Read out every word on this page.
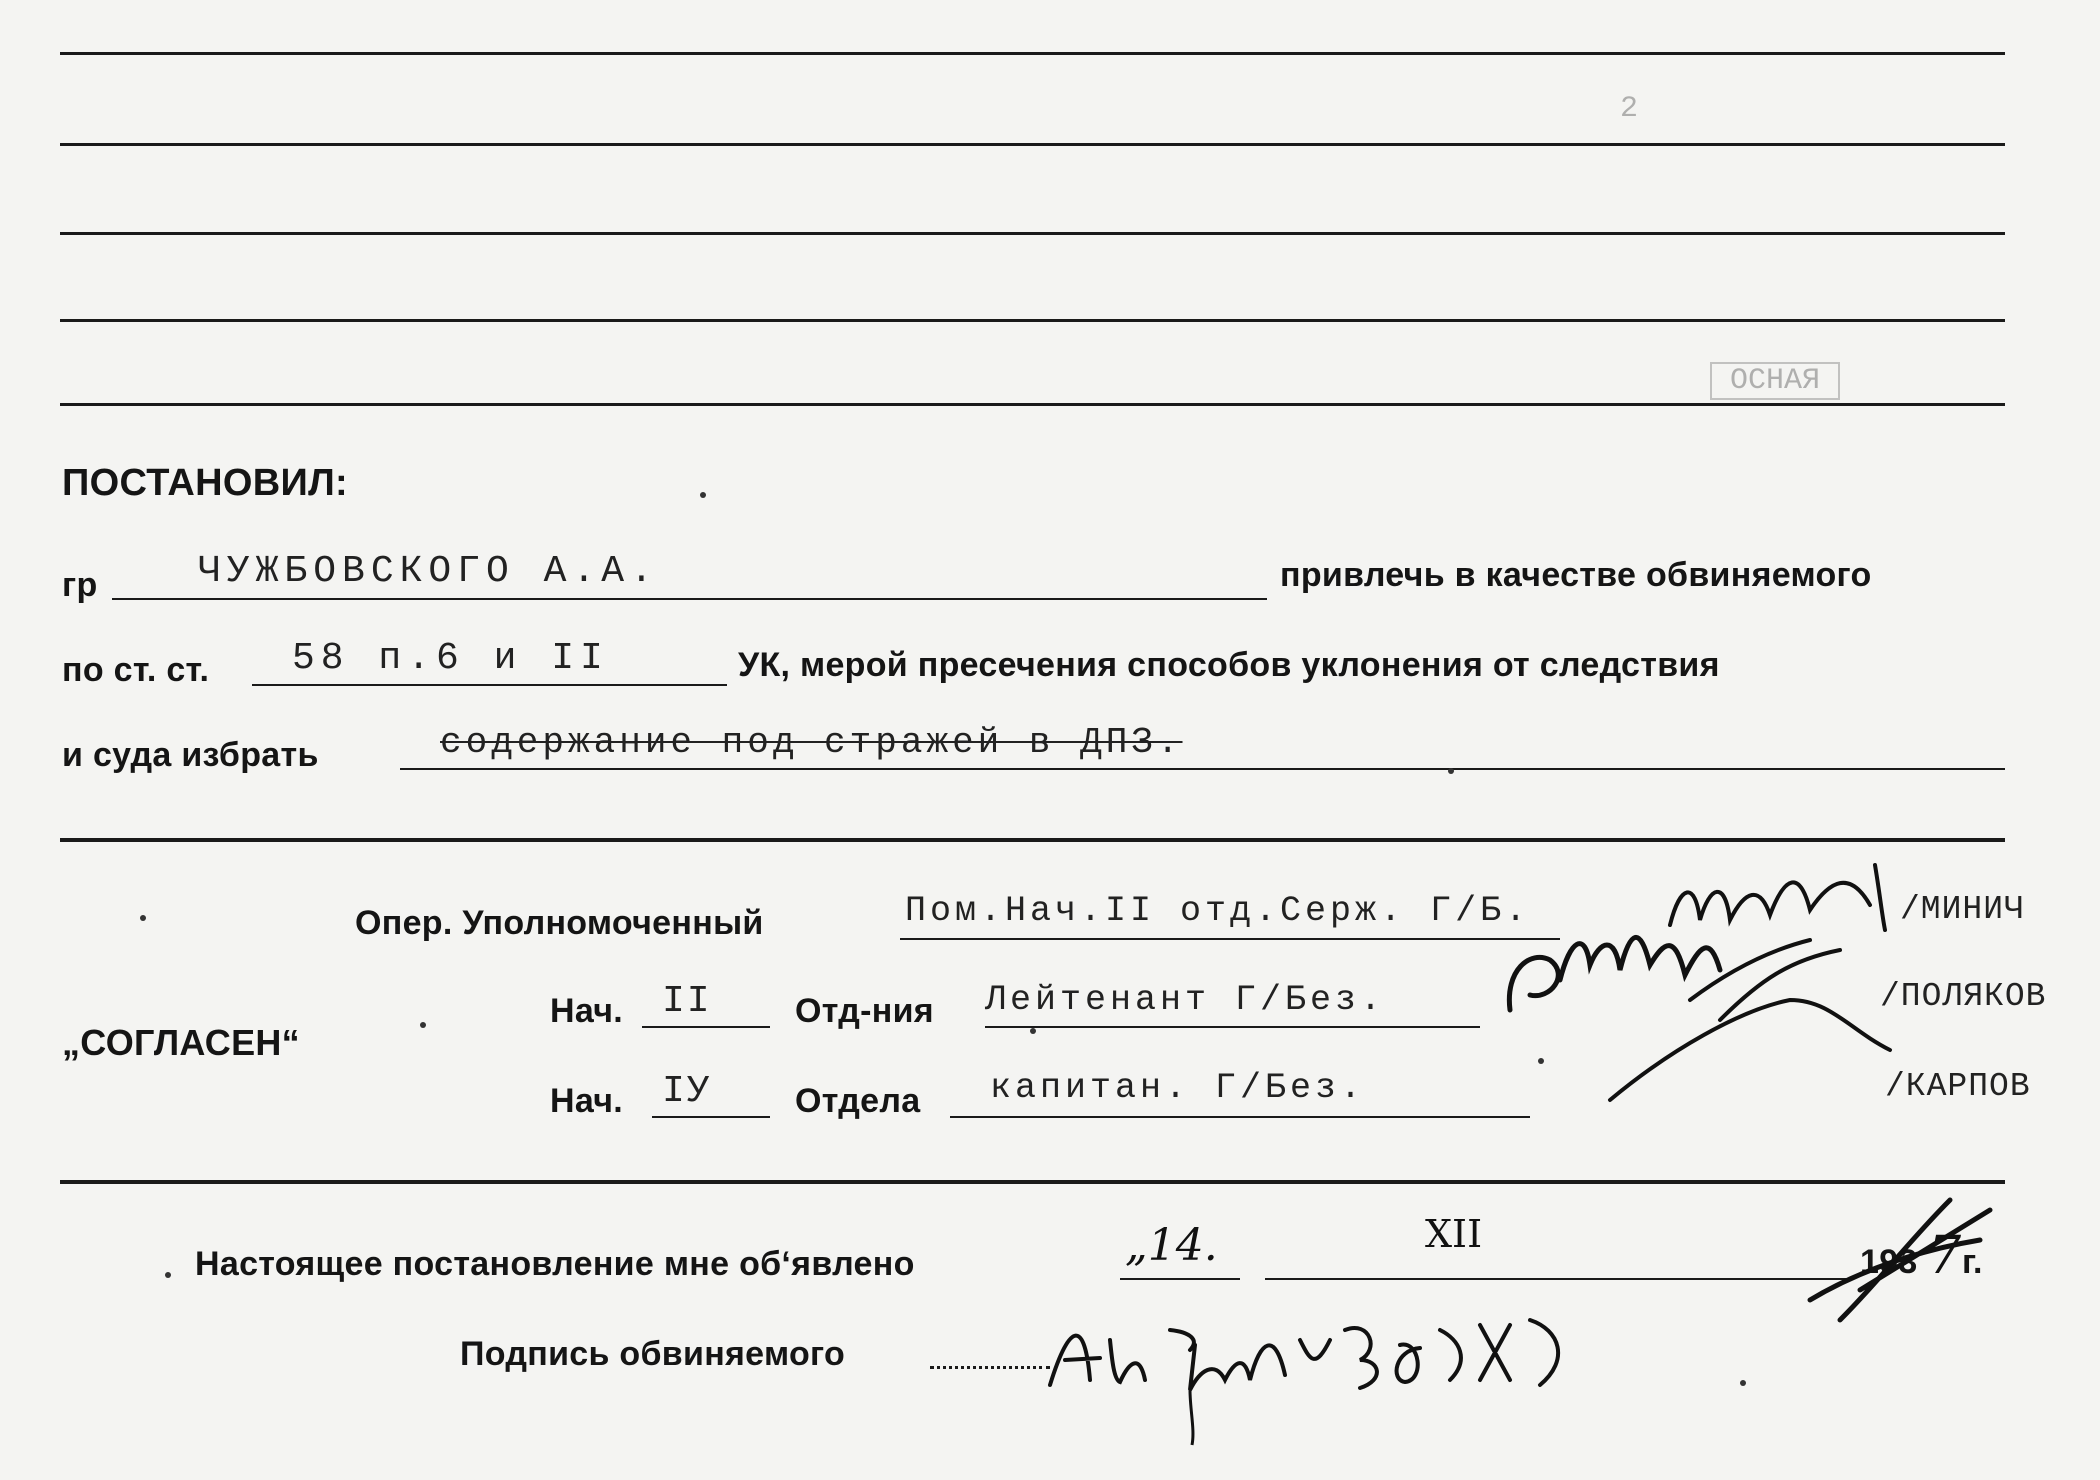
2
ОСНАЯ
ПОСТАНОВИЛ:
гр	ЧУЖБОВСКОГО А.А.	привлечь в качестве обвиняемого
по ст. ст. 58 п.6 и II	УК, мерой пресечения способов уклонения от следствия
и суда избрать	содержание под стражей в ДПЗ.
Опер. Уполномоченный	Пом.Нач.II отд.Серж. Г/Б.	/МИНИЧ
„СОГЛАСЕН“
Нач. II Отд-ния Лейтенант Г/Без.	/ПОЛЯКОВ
Нач. IУ Отдела капитан. Г/Без.	/КАРПОВ
Настоящее постановление мне об‘явлено	„14.	XII
193 7 г.
Подпись обвиняемого
